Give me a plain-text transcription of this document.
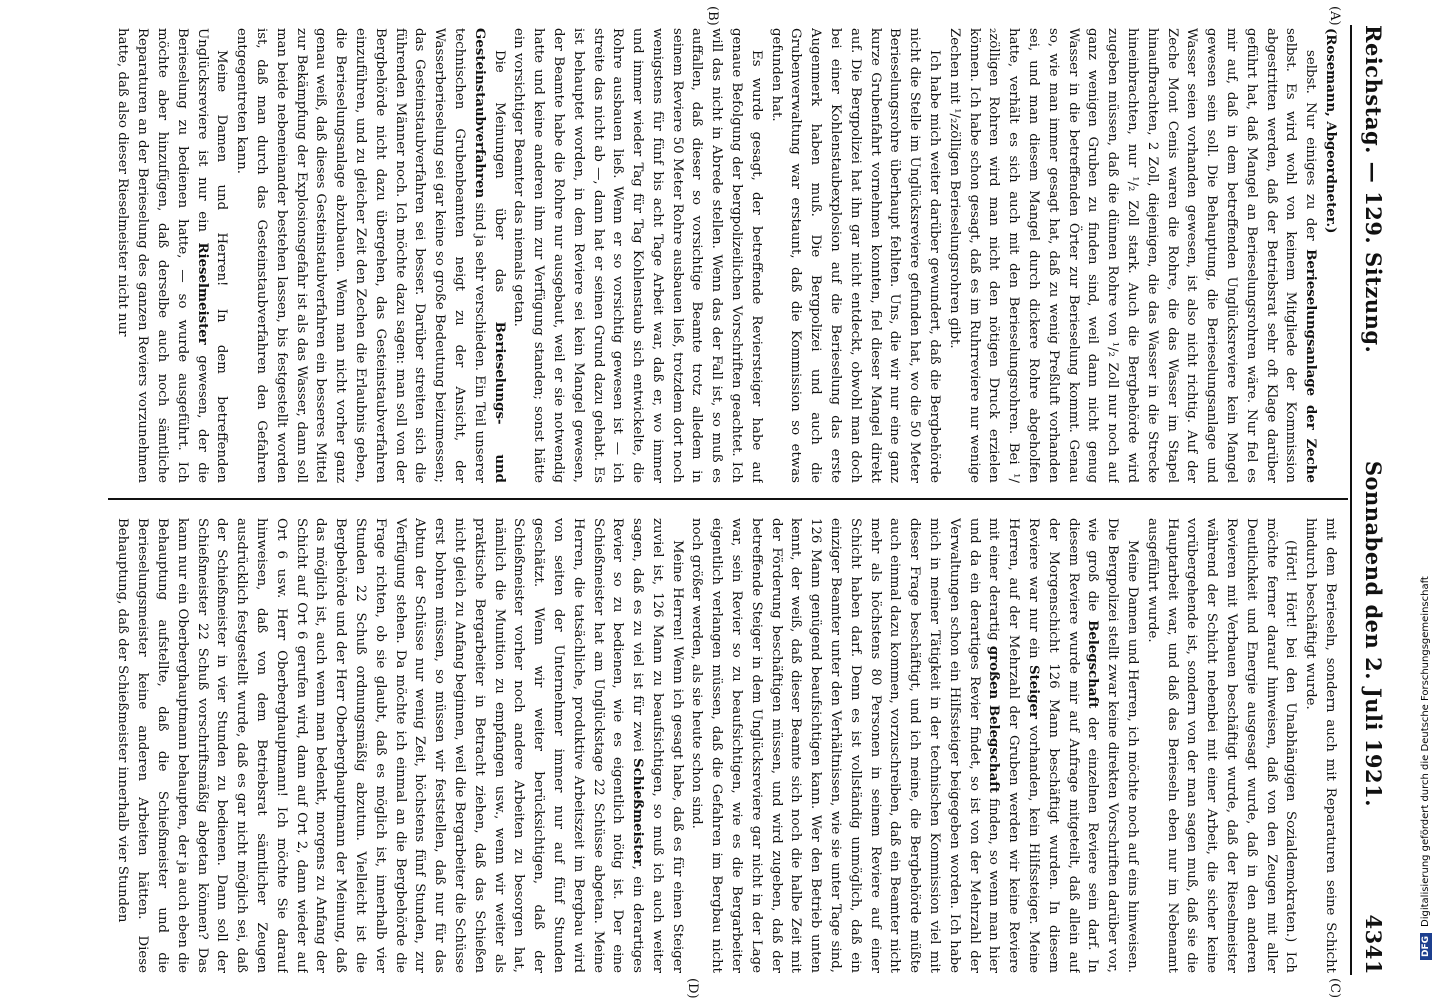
Reichstag. — 129. Sitzung.
Sonnabend den 2. Juli 1921.
4341
(A)
(B)
(C)
(D)

(Rosemann, Abgeordneter.)

selbst. Nur einiges zu der Berieselungsanlage der Zeche selbst. Es wird wohl von keinem Mitgliede der Kommission abgestritten werden, daß der Betriebsrat sehr oft Klage darüber geführt hat, daß Mangel an Berieselungsrohren wäre. Nur fiel es mir auf, daß in dem betreffenden Unglücksreviere kein Mangel gewesen sein soll. Die Behauptung, die Berieselungsanlage und Wasser seien vorhanden gewesen, ist also nicht richtig. Auf der Zeche Mont Cenis waren die Rohre, die das Wasser im Stapel hinaufbrachten, 2 Zoll, diejenigen, die das Wasser in die Strecke hineinbrachten, nur ¹/₂ Zoll stark. Auch die Bergbehörde wird zugeben müssen, daß die dünnen Rohre von ¹/₂ Zoll nur noch auf ganz wenigen Gruben zu finden sind, weil dann nicht genug Wasser in die betreffenden Örter zur Berieselung kommt. Genau so, wie man immer gesagt hat, daß zu wenig Preßluft vorhanden sei, und man diesem Mangel durch dickere Rohre abgeholfen hatte, verhält es sich auch mit den Berieselungsrohren. Bei ¹/₂zölligen Rohren wird man nicht den nötigen Druck erzielen können. Ich habe schon gesagt, daß es im Ruhrreviere nur wenige Zechen mit ¹/₂zölligen Berieselungsrohren gibt.

Ich habe mich weiter darüber gewundert, daß die Bergbehörde nicht die Stelle im Unglücksreviere gefunden hat, wo die 50 Meter Berieselungsrohre überhaupt fehlten. Uns, die wir nur eine ganz kurze Grubenfahrt vornehmen konnten, fiel dieser Mangel direkt auf. Die Bergpolizei hat ihn gar nicht entdeckt, obwohl man doch bei einer Kohlenstaubexplosion auf die Berieselung das erste Augenmerk haben muß. Die Bergpolizei und auch die Grubenverwaltung war erstaunt, daß die Kommission so etwas gefunden hat.

Es wurde gesagt, der betreffende Reviersteiger habe auf genaue Befolgung der bergpolizeilichen Vorschriften geachtet. Ich will das nicht in Abrede stellen. Wenn das der Fall ist, so muß es auffallen, daß dieser so vorsichtige Beamte trotz alledem in seinem Reviere 50 Meter Rohre ausbauen ließ, trotzdem dort noch wenigstens für fünf bis acht Tage Arbeit war, daß er, wo immer und immer wieder Tag für Tag Kohlenstaub sich entwickelte, die Rohre ausbauen ließ. Wenn er so vorsichtig gewesen ist — ich streite das nicht ab —, dann hat er seinen Grund dazu gehabt. Es ist behauptet worden, in dem Reviere sei kein Mangel gewesen, der Beamte habe die Rohre nur ausgebaut, weil er sie notwendig hatte und keine anderen ihm zur Verfügung standen; sonst hätte ein vorsichtiger Beamter das niemals getan.

Die Meinungen über das Berieselungs- und Gesteinstaubverfahren sind ja sehr verschieden. Ein Teil unserer technischen Grubenbeamten neigt zu der Ansicht, der Wasserberieselung sei gar keine so große Bedeutung beizumessen; das Gesteinstaubverfahren sei besser. Darüber streiten sich die führenden Männer noch. Ich möchte dazu sagen: man soll von der Bergbehörde nicht dazu übergehen, das Gesteinstaubverfahren einzuführen, und zu gleicher Zeit den Zechen die Erlaubnis geben, die Berieselungsanlage abzubauen. Wenn man nicht vorher ganz genau weiß, daß dieses Gesteinstaubverfahren ein besseres Mittel zur Bekämpfung der Explosionsgefahr ist als das Wasser, dann soll man beide nebeneinander bestehen lassen, bis festgestellt worden ist, daß man durch das Gesteinstaubverfahren den Gefahren entgegentreten kann.

Meine Damen und Herren! In dem betreffenden Unglücksreviere ist nur ein Rieselmeister gewesen, der die Berieselung zu bedienen hatte, — so wurde ausgeführt. Ich möchte aber hinzufügen, daß derselbe auch noch sämtliche Reparaturen an der Berieselung des ganzen Reviers vorzunehmen hatte, daß also dieser Rieselmeister nicht nur

mit dem Berieseln, sondern auch mit Reparaturen seine Schicht hindurch beschäftigt wurde.

(Hört! Hört! bei den Unabhängigen Sozialdemokraten.) Ich möchte ferner darauf hinweisen, daß von den Zeugen mit aller Deutlichkeit und Energie ausgesagt wurde, daß in den anderen Revieren mit Verbauen beschäftigt wurde, daß der Rieselmeister während der Schicht nebenbei mit einer Arbeit, die sicher keine vorübergehende ist, sondern von der man sagen muß, daß sie die Hauptarbeit war, und daß das Berieseln eben nur im Nebenamt ausgeführt wurde.

Meine Damen und Herren, ich möchte noch auf eins hinweisen. Die Bergpolizei stellt zwar keine direkten Vorschriften darüber vor, wie groß die Belegschaft der einzelnen Reviere sein darf. In diesem Reviere wurde mir auf Anfrage mitgeteilt, daß allein auf der Morgenschicht 126 Mann beschäftigt wurden. In diesem Reviere war nur ein Steiger vorhanden, kein Hilfssteiger. Meine Herren, auf der Mehrzahl der Gruben werden wir keine Reviere mit einer derartig großen Belegschaft finden, so wenn man hier und da ein derartiges Revier findet, so ist von der Mehrzahl der Verwaltungen schon ein Hilfssteiger beigegeben worden. Ich habe mich in meiner Tätigkeit in der technischen Kommission viel mit dieser Frage beschäftigt, und ich meine, die Bergbehörde müßte auch einmal dazu kommen, vorzuschreiben, daß ein Beamter nicht mehr als höchstens 80 Personen in seinem Reviere auf einer Schicht haben darf. Denn es ist vollständig unmöglich, daß ein einziger Beamter unter den Verhältnissen, wie sie unter Tage sind, 126 Mann genügend beaufsichtigen kann. Wer den Betrieb unten kennt, der weiß, daß dieser Beamte sich noch die halbe Zeit mit der Förderung beschäftigen müssen, und wird zugeben, daß der betreffende Steiger in dem Unglücksreviere gar nicht in der Lage war, sein Revier so zu beaufsichtigen, wie es die Bergarbeiter eigentlich verlangen müssen, daß die Gefahren im Bergbau nicht noch größer werden, als sie heute schon sind.

Meine Herren! Wenn ich gesagt habe, daß es für einen Steiger zuviel ist, 126 Mann zu beaufsichtigen, so muß ich auch weiter sagen, daß es zu viel ist für zwei Schießmeister, ein derartiges Revier so zu bedienen, wie es eigentlich nötig ist. Der eine Schießmeister hat am Unglückstage 22 Schüsse abgetan. Meine Herren, die tatsächliche, produktive Arbeitszeit im Bergbau wird von seiten der Unternehmer immer nur auf fünf Stunden geschätzt. Wenn wir weiter berücksichtigen, daß der Schießmeister vorher noch andere Arbeiten zu besorgen hat, nämlich die Munition zu empfangen usw., wenn wir weiter als praktische Bergarbeiter in Betracht ziehen, daß das Schießen nicht gleich zu Anfang beginnen, weil die Bergarbeiter die Schüsse erst bohren müssen, so müssen wir feststellen, daß nur für das Abtun der Schüsse nur wenig Zeit, höchstens fünf Stunden, zur Verfügung stehen. Da möchte ich einmal an die Bergbehörde die Frage richten, ob sie glaubt, daß es möglich ist, innerhalb vier Stunden 22 Schuß ordnungsmäßig abzutun. Vielleicht ist die Bergbehörde und der Herr Oberberghauptmann der Meinung, daß das möglich ist, auch wenn man bedenkt, morgens zu Anfang der Schicht auf Ort 6 gerufen wird, dann auf Ort 2, dann wieder auf Ort 6 usw. Herr Oberberghauptmann! Ich möchte Sie darauf hinweisen, daß von dem Betriebsrat sämtlicher Zeugen ausdrücklich festgestellt wurde, daß es gar nicht möglich sei, daß der Schießmeister in vier Stunden zu bedienen. Dann soll der Schießmeister 22 Schuß vorschriftsmäßig abgetan können? Das kann nur ein Oberberghauptmann behaupten, der ja auch eben die Behauptung aufstellte, daß die Schießmeister und die Berieselungsmeister keine anderen Arbeiten hätten. Diese Behauptung, daß der Schießmeister innerhalb vier Stunden

DFGDigitalisierung gefördert durch die Deutsche Forschungsgemeinschaft
